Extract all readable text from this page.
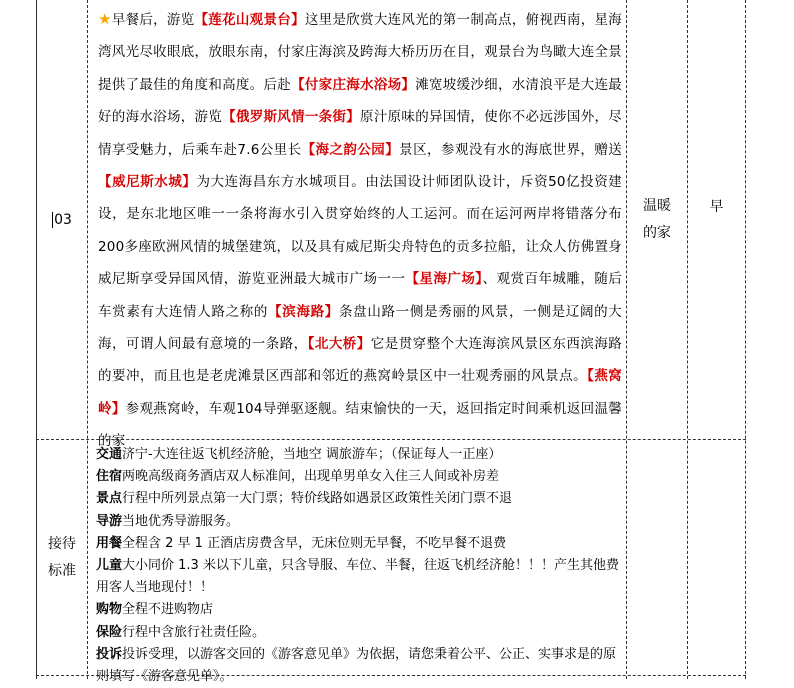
03
★早餐后，游览【莲花山观景台】这里是欣赏大连风光的第一制高点，俯视西南，星海湾风光尽收眼底，放眼东南，付家庄海滨及跨海大桥历历在目，观景台为鸟瞰大连全景提供了最佳的角度和高度。后赴【付家庄海水浴场】滩宽坡缓沙细，水清浪平是大连最好的海水浴场，游览【俄罗斯风情一条街】原汁原味的异国情，使你不必远涉国外，尽情享受魅力，后乘车赴7.6公里长【海之韵公园】景区，参观没有水的海底世界，赠送【威尼斯水城】为大连海昌东方水城项目。由法国设计师团队设计，斥资50亿投资建设，是东北地区唯一一条将海水引入贯穿始终的人工运河。而在运河两岸将错落分布200多座欧洲风情的城堡建筑，以及具有威尼斯尖舟特色的贡多拉船，让众人仿佛置身威尼斯享受异国风情，游览亚洲最大城市广场一一【星海广场】、观赏百年城雕，随后车赏素有大连情人路之称的【滨海路】条盘山路一侧是秀丽的风景，一侧是辽阔的大海，可谓人间最有意境的一条路，【北大桥】它是贯穿整个大连海滨风景区东西滨海路的要冲，而且也是老虎滩景区西部和邻近的燕窝岭景区中一壮观秀丽的风景点。【燕窝岭】参观燕窝岭，车观104导弹驱逐舰。结束愉快的一天，返回指定时间乘机返回温馨的家
温暖的家
早
接待标准
交通济宁-大连往返飞机经济舱，当地空 调旅游车；（保证每人一正座）
住宿两晚高级商务酒店双人标准间，出现单男单女入住三人间或补房差
景点行程中所列景点第一大门票；特价线路如遇景区政策性关闭门票不退
导游当地优秀导游服务。
用餐全程含 2 早 1 正酒店房费含早，无床位则无早餐，不吃早餐不退费
儿童大小同价 1.3 米以下儿童，只含导服、车位、半餐，往返飞机经济舱！！！产生其他费用客人当地现付！！
购物全程不进购物店
保险行程中含旅行社责任险。
投诉投诉受理，以游客交回的《游客意见单》为依据，请您秉着公平、公正、实事求是的原则填写《游客意见单》。
